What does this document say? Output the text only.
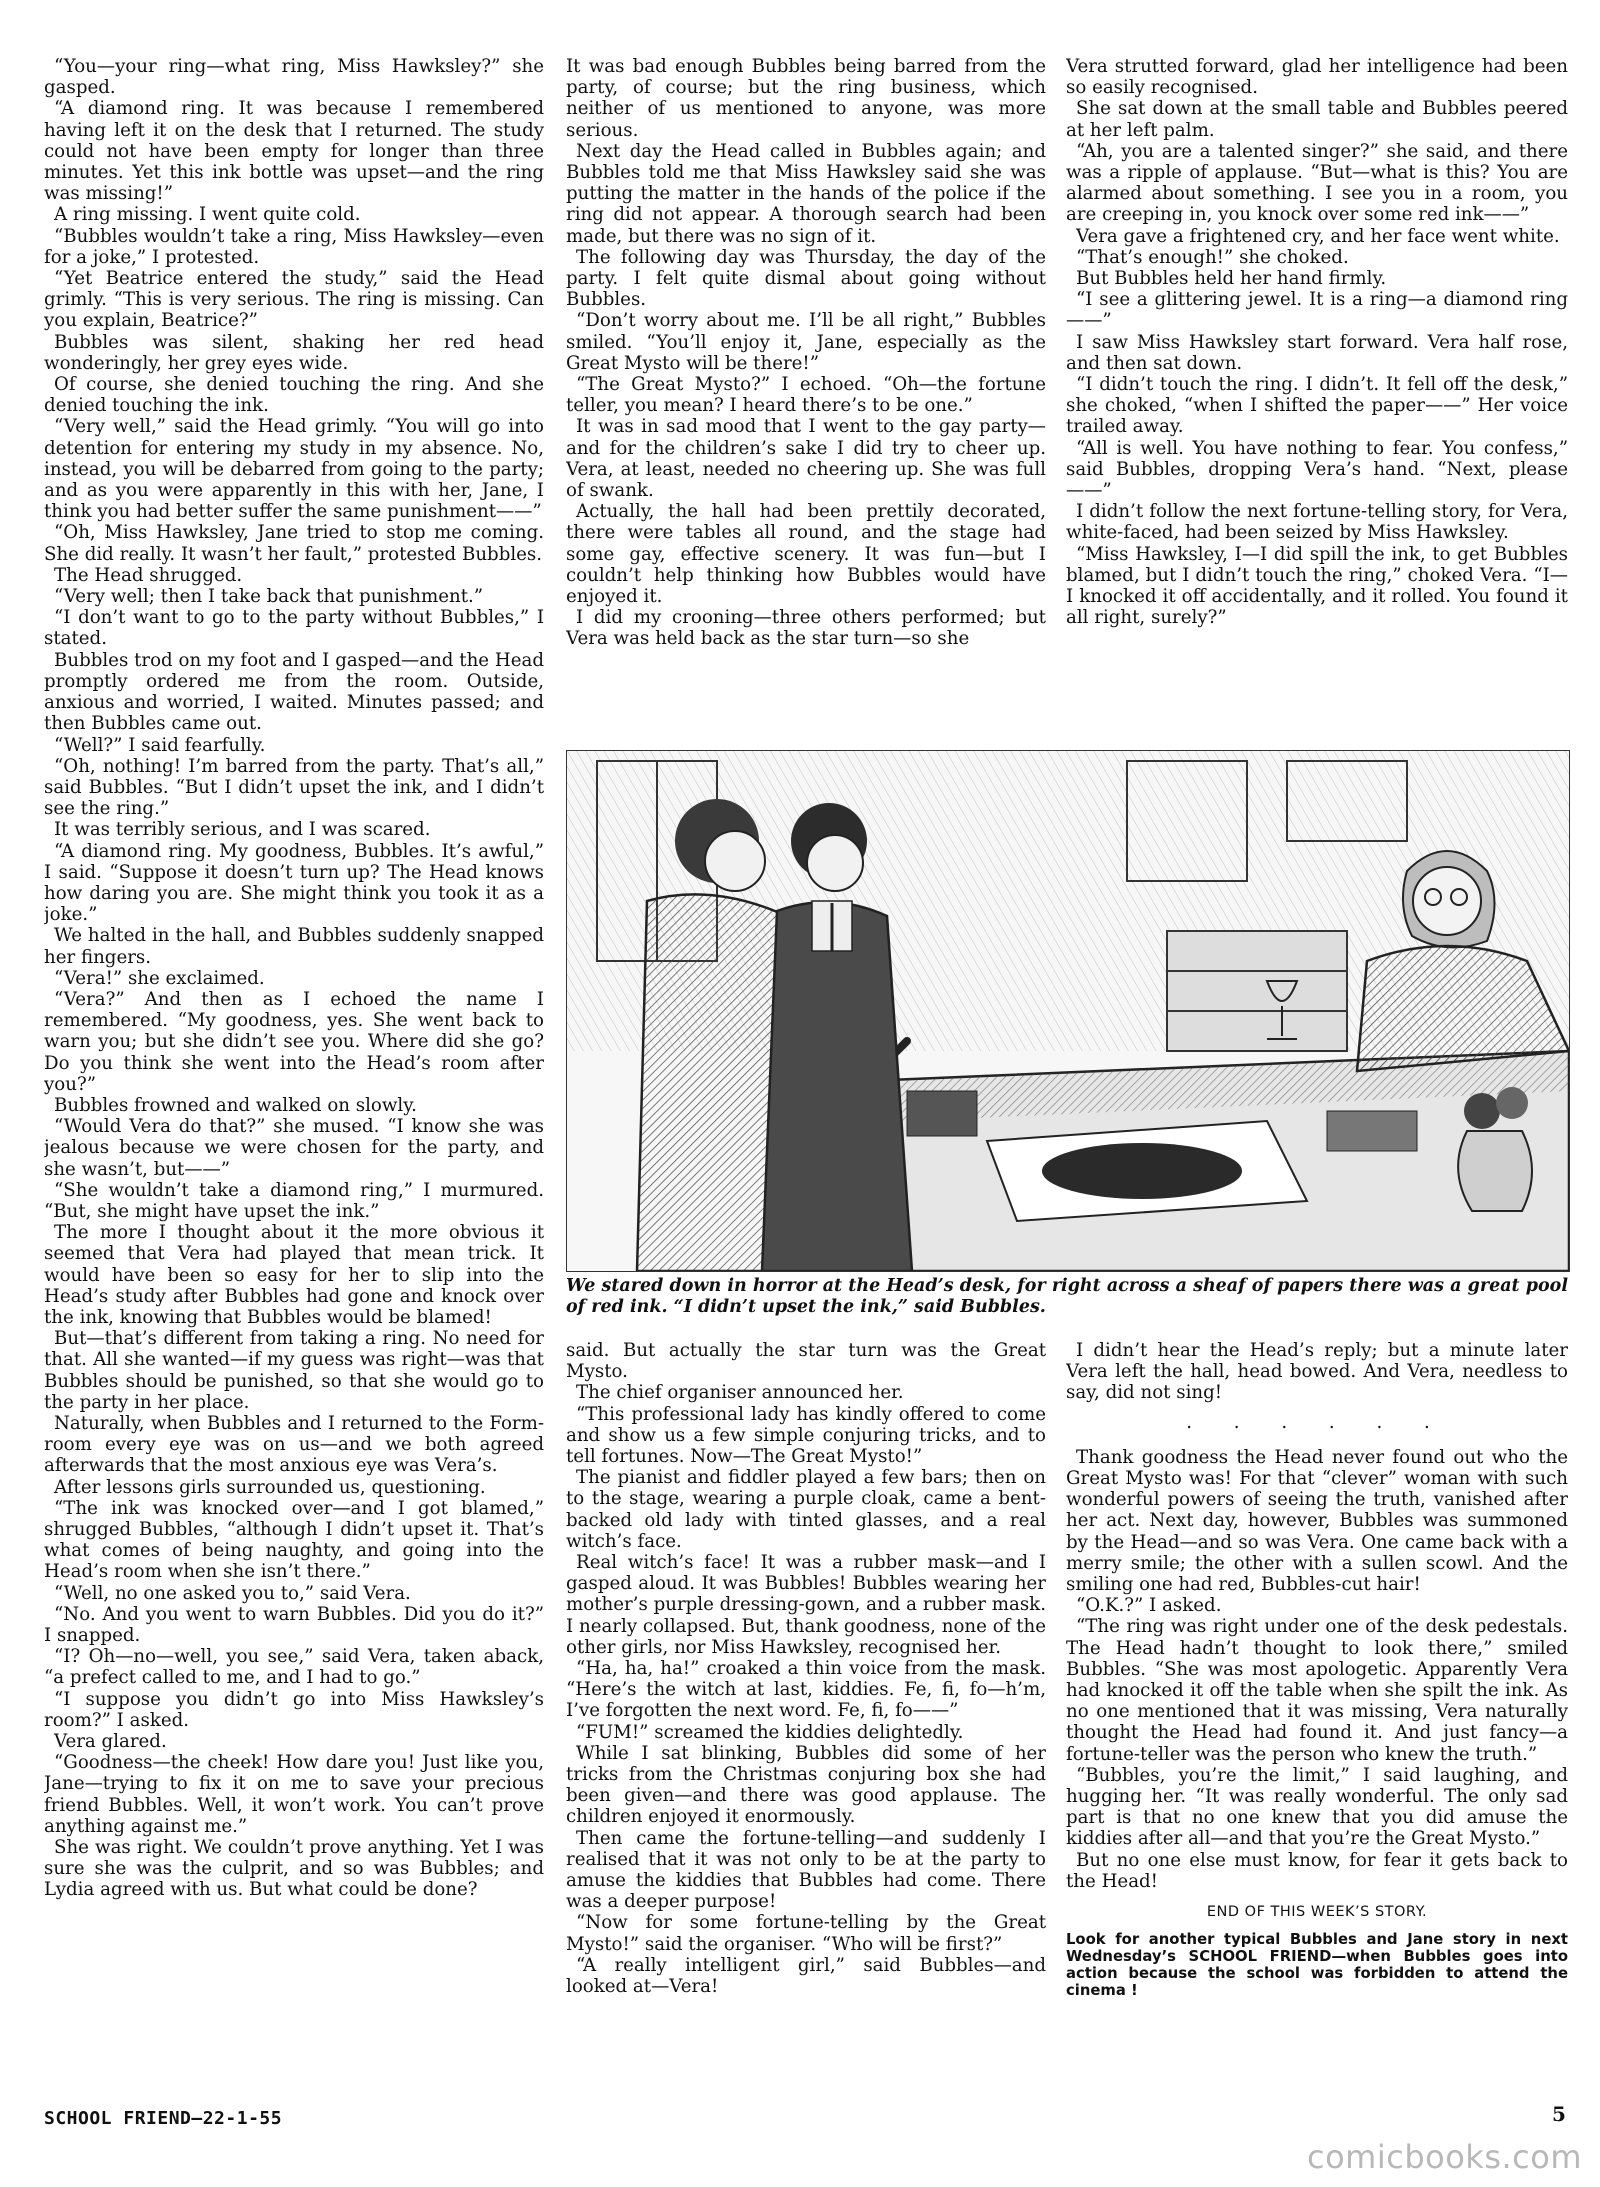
“You—your ring—what ring, Miss Hawksley?” she gasped.

“A diamond ring. It was because I remembered having left it on the desk that I returned. The study could not have been empty for longer than three minutes. Yet this ink bottle was upset—and the ring was missing!”

A ring missing. I went quite cold.

“Bubbles wouldn’t take a ring, Miss Hawksley—even for a joke,” I protested.

“Yet Beatrice entered the study,” said the Head grimly. “This is very serious. The ring is missing. Can you explain, Beatrice?”

Bubbles was silent, shaking her red head wonderingly, her grey eyes wide.

Of course, she denied touching the ring. And she denied touching the ink.

“Very well,” said the Head grimly. “You will go into detention for entering my study in my absence. No, instead, you will be debarred from going to the party; and as you were apparently in this with her, Jane, I think you had better suffer the same punishment——”

“Oh, Miss Hawksley, Jane tried to stop me coming. She did really. It wasn’t her fault,” protested Bubbles.

The Head shrugged.

“Very well; then I take back that punishment.”

“I don’t want to go to the party without Bubbles,” I stated.

Bubbles trod on my foot and I gasped—and the Head promptly ordered me from the room. Outside, anxious and worried, I waited. Minutes passed; and then Bubbles came out.

“Well?” I said fearfully.

“Oh, nothing! I’m barred from the party. That’s all,” said Bubbles. “But I didn’t upset the ink, and I didn’t see the ring.”

It was terribly serious, and I was scared.

“A diamond ring. My goodness, Bubbles. It’s awful,” I said. “Suppose it doesn’t turn up? The Head knows how daring you are. She might think you took it as a joke.”

We halted in the hall, and Bubbles suddenly snapped her fingers.

“Vera!” she exclaimed.

“Vera?” And then as I echoed the name I remembered. “My goodness, yes. She went back to warn you; but she didn’t see you. Where did she go? Do you think she went into the Head’s room after you?”

Bubbles frowned and walked on slowly.

“Would Vera do that?” she mused. “I know she was jealous because we were chosen for the party, and she wasn’t, but——”

“She wouldn’t take a diamond ring,” I murmured. “But, she might have upset the ink.”

The more I thought about it the more obvious it seemed that Vera had played that mean trick. It would have been so easy for her to slip into the Head’s study after Bubbles had gone and knock over the ink, knowing that Bubbles would be blamed!

But—that’s different from taking a ring. No need for that. All she wanted—if my guess was right—was that Bubbles should be punished, so that she would go to the party in her place.

Naturally, when Bubbles and I returned to the Form-room every eye was on us—and we both agreed afterwards that the most anxious eye was Vera’s.

After lessons girls surrounded us, questioning.

“The ink was knocked over—and I got blamed,” shrugged Bubbles, “although I didn’t upset it. That’s what comes of being naughty, and going into the Head’s room when she isn’t there.”

“Well, no one asked you to,” said Vera.

“No. And you went to warn Bubbles. Did you do it?” I snapped.

“I? Oh—no—well, you see,” said Vera, taken aback, “a prefect called to me, and I had to go.”

“I suppose you didn’t go into Miss Hawksley’s room?” I asked.

Vera glared.

“Goodness—the cheek! How dare you! Just like you, Jane—trying to fix it on me to save your precious friend Bubbles. Well, it won’t work. You can’t prove anything against me.”

She was right. We couldn’t prove anything. Yet I was sure she was the culprit, and so was Bubbles; and Lydia agreed with us. But what could be done?

It was bad enough Bubbles being barred from the party, of course; but the ring business, which neither of us mentioned to anyone, was more serious.

Next day the Head called in Bubbles again; and Bubbles told me that Miss Hawksley said she was putting the matter in the hands of the police if the ring did not appear. A thorough search had been made, but there was no sign of it.

The following day was Thursday, the day of the party. I felt quite dismal about going without Bubbles.

“Don’t worry about me. I’ll be all right,” Bubbles smiled. “You’ll enjoy it, Jane, especially as the Great Mysto will be there!”

“The Great Mysto?” I echoed. “Oh—the fortune teller, you mean? I heard there’s to be one.”

It was in sad mood that I went to the gay party—and for the children’s sake I did try to cheer up. Vera, at least, needed no cheering up. She was full of swank.

Actually, the hall had been prettily decorated, there were tables all round, and the stage had some gay, effective scenery. It was fun—but I couldn’t help thinking how Bubbles would have enjoyed it.

I did my crooning—three others performed; but Vera was held back as the star turn—so she

Vera strutted forward, glad her intelligence had been so easily recognised.

She sat down at the small table and Bubbles peered at her left palm.

“Ah, you are a talented singer?” she said, and there was a ripple of applause. “But—what is this? You are alarmed about something. I see you in a room, you are creeping in, you knock over some red ink——”

Vera gave a frightened cry, and her face went white.

“That’s enough!” she choked.

But Bubbles held her hand firmly.

“I see a glittering jewel. It is a ring—a diamond ring——”

I saw Miss Hawksley start forward. Vera half rose, and then sat down.

“I didn’t touch the ring. I didn’t. It fell off the desk,” she choked, “when I shifted the paper——” Her voice trailed away.

“All is well. You have nothing to fear. You confess,” said Bubbles, dropping Vera’s hand. “Next, please——”

I didn’t follow the next fortune-telling story, for Vera, white-faced, had been seized by Miss Hawksley.

“Miss Hawksley, I—I did spill the ink, to get Bubbles blamed, but I didn’t touch the ring,” choked Vera. “I—I knocked it off accidentally, and it rolled. You found it all right, surely?”

We stared down in horror at the Head’s desk, for right across a sheaf of papers there was a great pool of red ink. “I didn’t upset the ink,” said Bubbles.

said. But actually the star turn was the Great Mysto.

The chief organiser announced her.

“This professional lady has kindly offered to come and show us a few simple conjuring tricks, and to tell fortunes. Now—The Great Mysto!”

The pianist and fiddler played a few bars; then on to the stage, wearing a purple cloak, came a bent-backed old lady with tinted glasses, and a real witch’s face.

Real witch’s face! It was a rubber mask—and I gasped aloud. It was Bubbles! Bubbles wearing her mother’s purple dressing-gown, and a rubber mask. I nearly collapsed. But, thank goodness, none of the other girls, nor Miss Hawksley, recognised her.

“Ha, ha, ha!” croaked a thin voice from the mask. “Here’s the witch at last, kiddies. Fe, fi, fo—h’m, I’ve forgotten the next word. Fe, fi, fo——”

“FUM!” screamed the kiddies delightedly.

While I sat blinking, Bubbles did some of her tricks from the Christmas conjuring box she had been given—and there was good applause. The children enjoyed it enormously.

Then came the fortune-telling—and suddenly I realised that it was not only to be at the party to amuse the kiddies that Bubbles had come. There was a deeper purpose!

“Now for some fortune-telling by the Great Mysto!” said the organiser. “Who will be first?”

“A really intelligent girl,” said Bubbles—and looked at—Vera!

I didn’t hear the Head’s reply; but a minute later Vera left the hall, head bowed. And Vera, needless to say, did not sing!

. . . . . .

Thank goodness the Head never found out who the Great Mysto was! For that “clever” woman with such wonderful powers of seeing the truth, vanished after her act. Next day, however, Bubbles was summoned by the Head—and so was Vera. One came back with a merry smile; the other with a sullen scowl. And the smiling one had red, Bubbles-cut hair!

“O.K.?” I asked.

“The ring was right under one of the desk pedestals. The Head hadn’t thought to look there,” smiled Bubbles. “She was most apologetic. Apparently Vera had knocked it off the table when she spilt the ink. As no one mentioned that it was missing, Vera naturally thought the Head had found it. And just fancy—a fortune-teller was the person who knew the truth.”

“Bubbles, you’re the limit,” I said laughing, and hugging her. “It was really wonderful. The only sad part is that no one knew that you did amuse the kiddies after all—and that you’re the Great Mysto.”

But no one else must know, for fear it gets back to the Head!

END OF THIS WEEK’S STORY.

Look for another typical Bubbles and Jane story in next Wednesday’s SCHOOL FRIEND—when Bubbles goes into action because the school was forbidden to attend the cinema !

SCHOOL FRIEND—22-1-55	5
comicbooks.com
